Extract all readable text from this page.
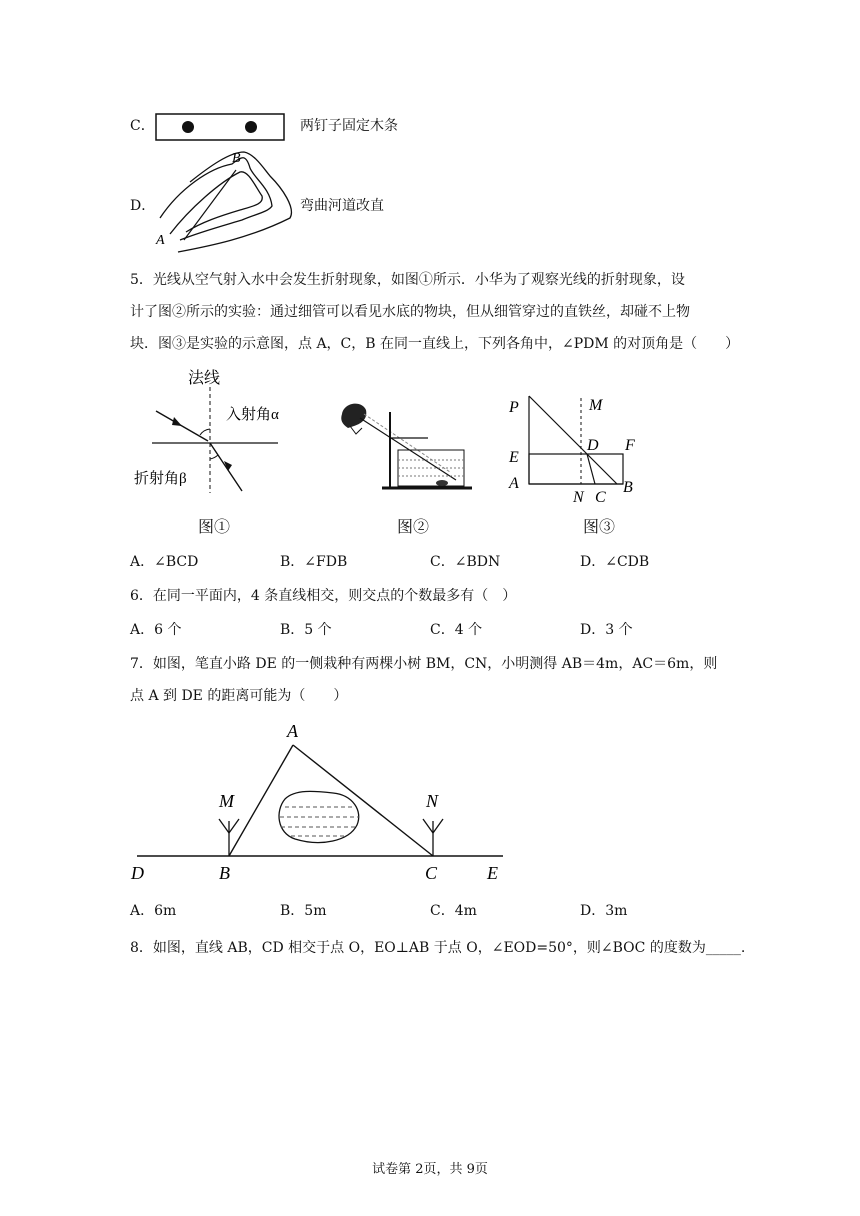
C．	两钉子固定木条
D．
A
B
弯曲河道改直
5．光线从空气射入水中会发生折射现象，如图①所示．小华为了观察光线的折射现象，设
计了图②所示的实验：通过细管可以看见水底的物块，但从细管穿过的直铁丝，却碰不上物
块．图③是实验的示意图，点 A，C，B 在同一直线上，下列各角中，∠PDM 的对顶角是（　　）
法线
入射角α
折射角β
图①	图②
P	M
D F
E
A
N C
B
图③
A．∠BCD	B．∠FDB	C．∠BDN	D．∠CDB
6．在同一平面内，4 条直线相交，则交点的个数最多有（　）
A．6 个	B．5 个	C．4 个	D．3 个
7．如图，笔直小路 DE 的一侧栽种有两棵小树 BM，CN，小明测得 AB＝4m，AC＝6m，则
点 A 到 DE 的距离可能为（　　）
A
M	N
D	B	C	E
A．6m	B．5m	C．4m	D．3m
8．如图，直线 AB，CD 相交于点 O，EO⊥AB 于点 O，∠EOD=50°，则∠BOC 的度数为_____.
试卷第 2页，共 9页
